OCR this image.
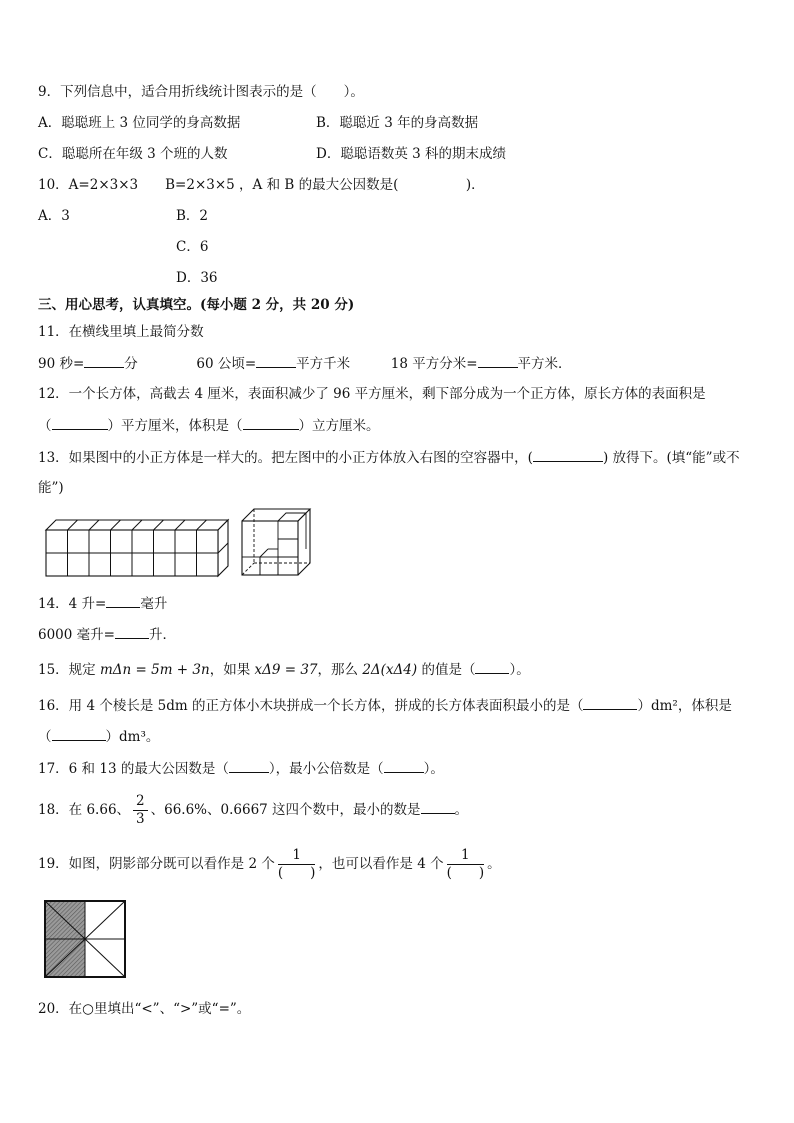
9．下列信息中，适合用折线统计图表示的是（　　）。
A．聪聪班上 3 位同学的身高数据	B．聪聪近 3 年的身高数据
C．聪聪所在年级 3 个班的人数	D．聪聪语数英 3 科的期末成绩
10．A=2×3×3　　B=2×3×5 ，A 和 B 的最大公因数是(　　　　　)．
A．3	B．2
C．6
D．36
三、用心思考，认真填空。(每小题 2 分，共 20 分)
11．在横线里填上最简分数
90 秒=	分	60 公顷=	平方千米	18 平方分米=	平方米．
12．一个长方体，高截去 4 厘米，表面积减少了 96 平方厘米，剩下部分成为一个正方体，原长方体的表面积是
（	）平方厘米，体积是（	）立方厘米。
13．如果图中的小正方体是一样大的。把左图中的小正方体放入右图的空容器中，(	) 放得下。(填“能”或不
能”)
14．4 升=	毫升
6000 毫升=	升．
15．规定 mΔn = 5m + 3n，如果 xΔ9 = 37，那么 2Δ(xΔ4) 的值是（	）。
16．用 4 个棱长是 5dm 的正方体小木块拼成一个长方体，拼成的长方体表面积最小的是（	）dm²，体积是
（	）dm³。
17．6 和 13 的最大公因数是（	），最小公倍数是（	）。
18．在 6.66、 $\frac{2}{3}$ 、66.6%、0.6667 这四个数中，最小的数是	。
19．如图，阴影部分既可以看作是 2 个 $\frac{1}{( )}$ ，也可以看作是 4 个 $\frac{1}{( )}$ 。
20．在○里填出“<”、“>”或“=”。
